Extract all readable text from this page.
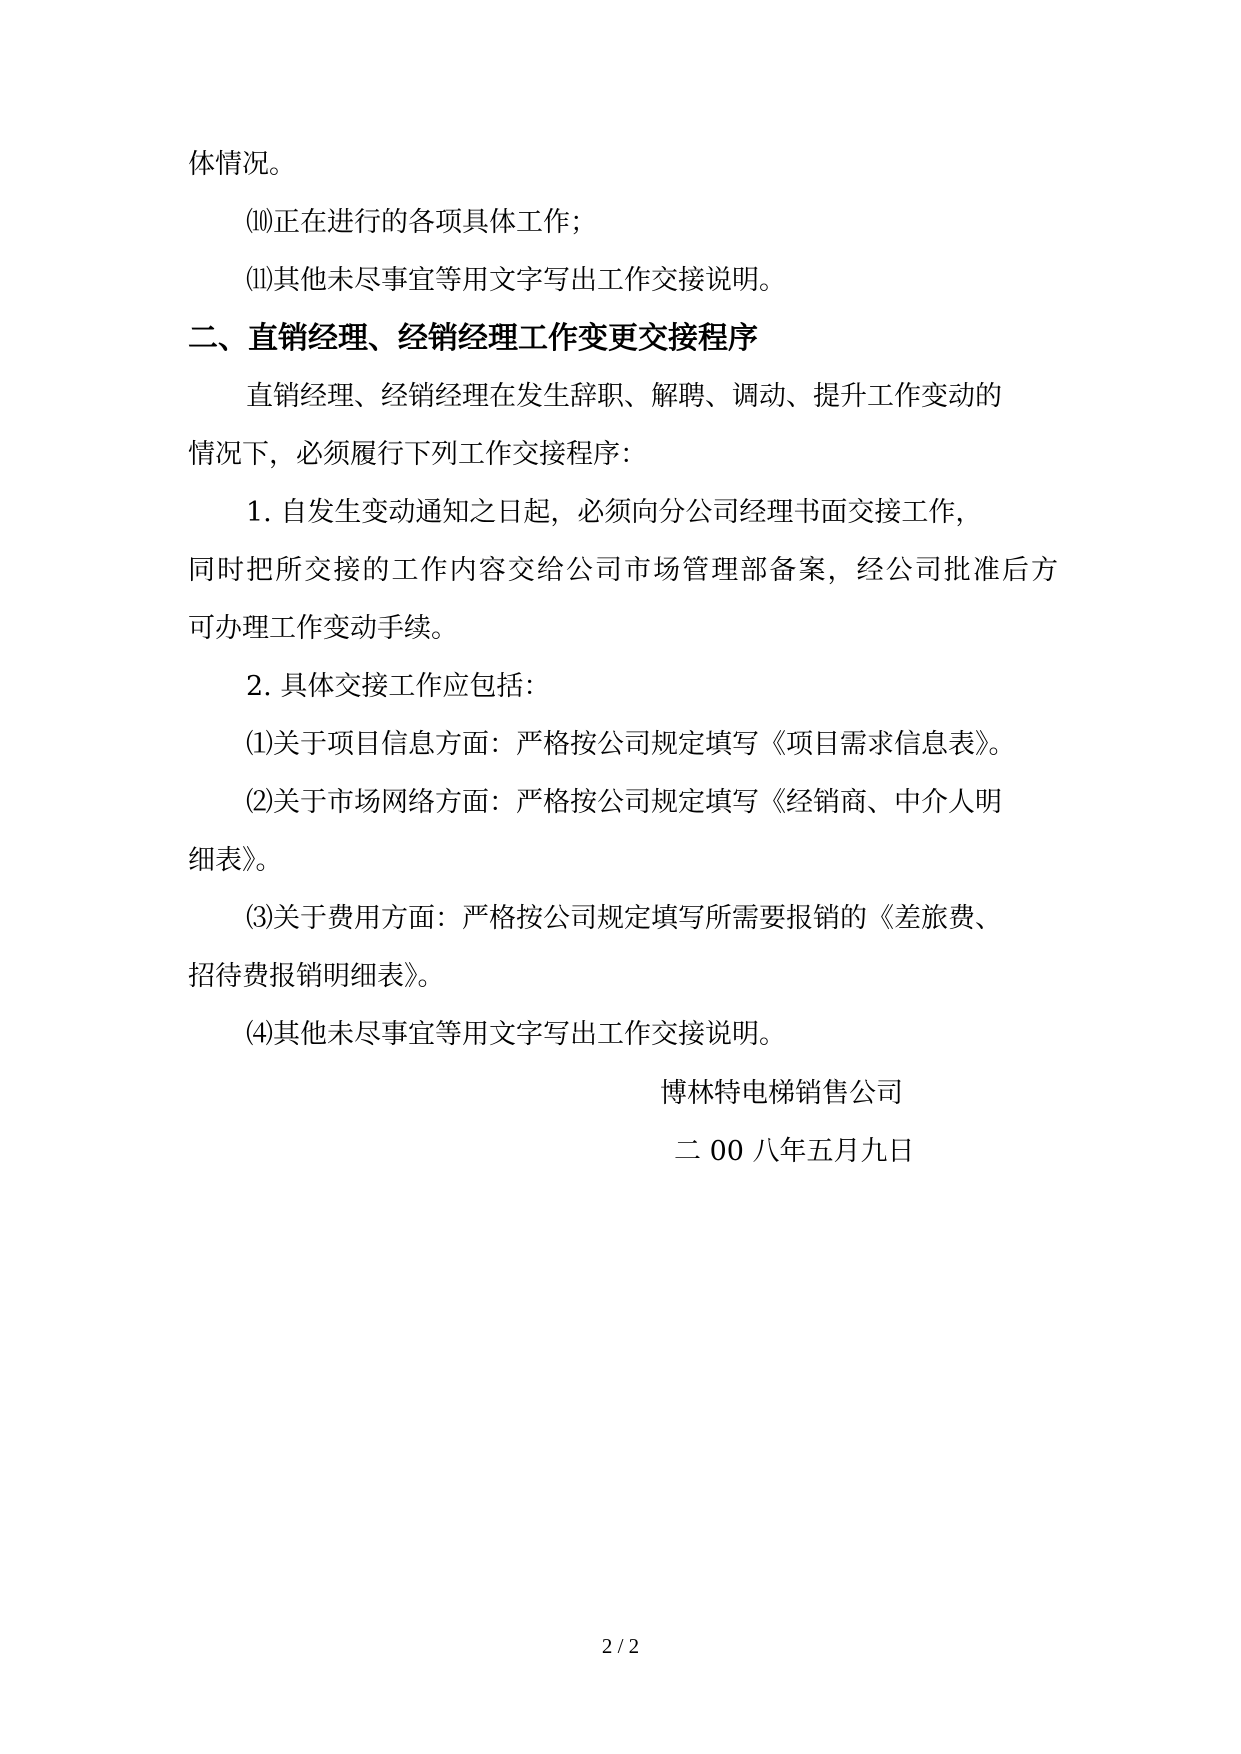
体情况。
⑽正在进行的各项具体工作；
⑾其他未尽事宜等用文字写出工作交接说明。
二、直销经理、经销经理工作变更交接程序
直销经理、经销经理在发生辞职、解聘、调动、提升工作变动的
情况下，必须履行下列工作交接程序：
1. 自发生变动通知之日起，必须向分公司经理书面交接工作，
同时把所交接的工作内容交给公司市场管理部备案，经公司批准后方
可办理工作变动手续。
2. 具体交接工作应包括：
⑴关于项目信息方面：严格按公司规定填写《项目需求信息表》。
⑵关于市场网络方面：严格按公司规定填写《经销商、中介人明
细表》。
⑶关于费用方面：严格按公司规定填写所需要报销的《差旅费、
招待费报销明细表》。
⑷其他未尽事宜等用文字写出工作交接说明。
博林特电梯销售公司
二 00 八年五月九日
2 / 2
